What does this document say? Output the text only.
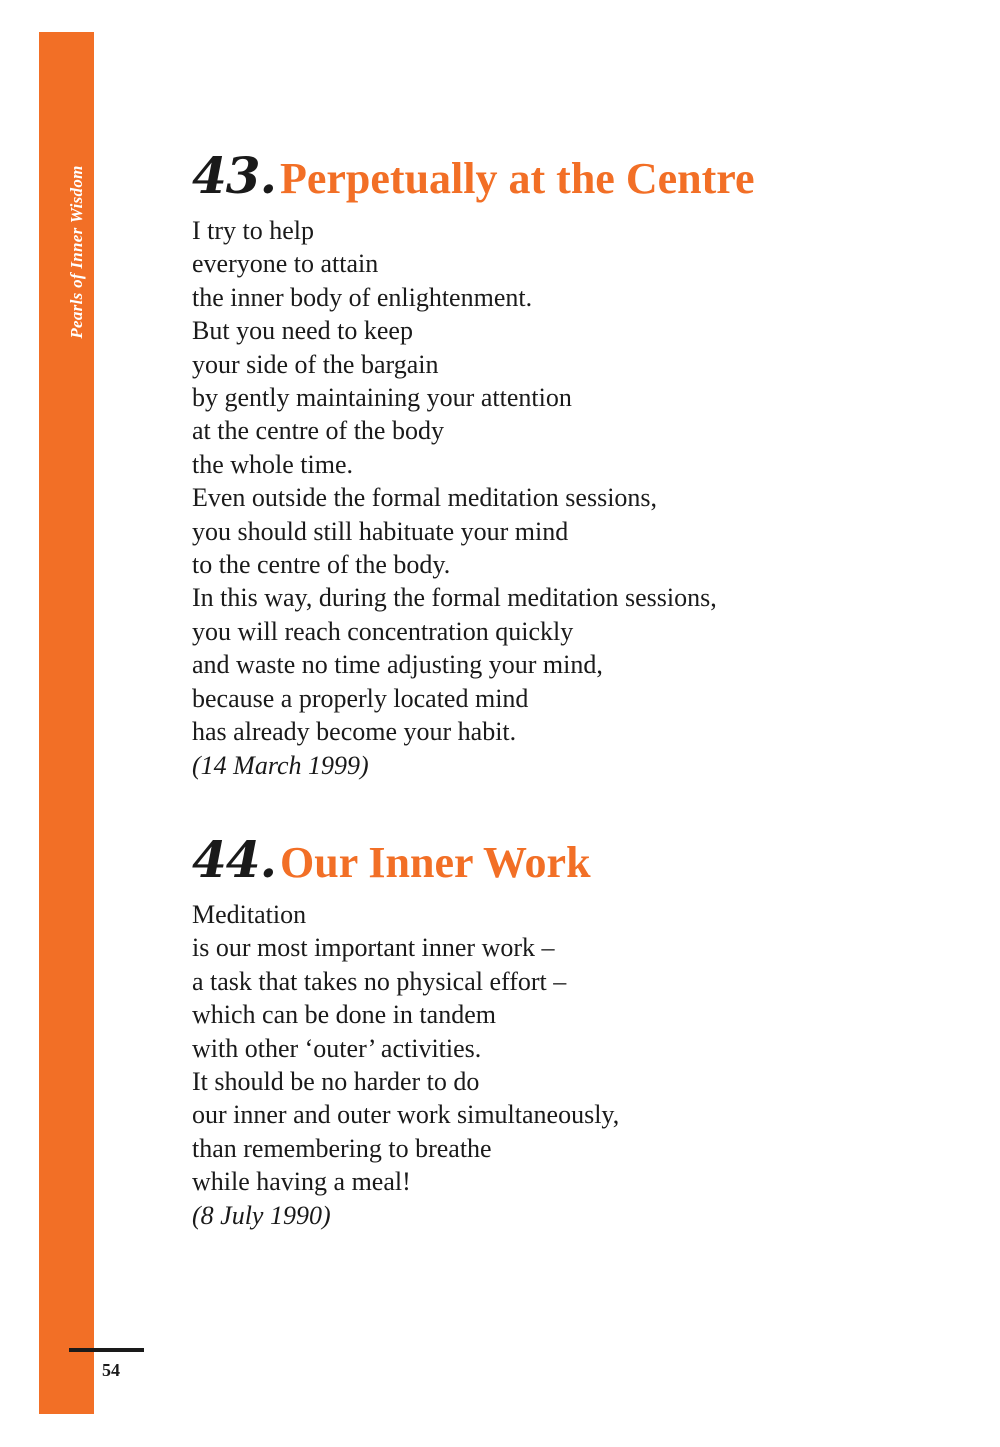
Pearls of Inner Wisdom 43. Perpetually at the Centre
I try to help
everyone to attain
the inner body of enlightenment.
But you need to keep
your side of the bargain
by gently maintaining your attention
at the centre of the body
the whole time.
Even outside the formal meditation sessions,
you should still habituate your mind
to the centre of the body.
In this way, during the formal meditation sessions,
you will reach concentration quickly
and waste no time adjusting your mind,
because a properly located mind
has already become your habit.
(14 March 1999)
44. Our Inner Work
Meditation
is our most important inner work –
a task that takes no physical effort –
which can be done in tandem
with other ‘outer’ activities.
It should be no harder to do
our inner and outer work simultaneously,
than remembering to breathe
while having a meal!
(8 July 1990)
54
